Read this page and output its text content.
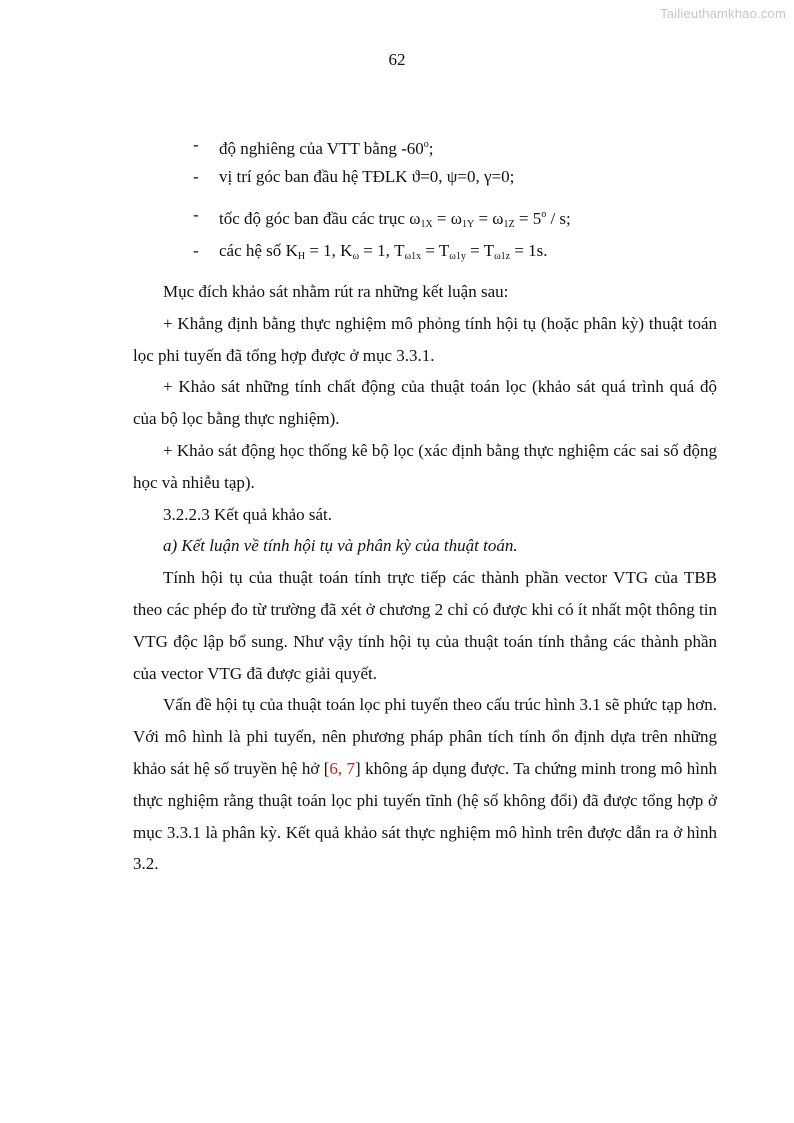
Tailieuthamkhao.com
62
- độ nghiêng của VTT bằng -60$^o$;
- vị trí góc ban đầu hệ TĐLK ϑ=0, ψ=0, γ=0;
- tốc độ góc ban đầu các trục $\omega_{1X} = \omega_{1Y} = \omega_{1Z} = 5^o / s$;
- các hệ số $K_H = 1$, $K_\omega = 1$, $T_{\omega 1x} = T_{\omega 1y} = T_{\omega 1z} = 1s$.

Mục đích khảo sát nhằm rút ra những kết luận sau:

+ Khẳng định bằng thực nghiệm mô phỏng tính hội tụ (hoặc phân kỳ) thuật toán lọc phi tuyến đã tổng hợp được ở mục 3.3.1.

+ Khảo sát những tính chất động của thuật toán lọc (khảo sát quá trình quá độ của bộ lọc bằng thực nghiệm).

+ Khảo sát động học thống kê bộ lọc (xác định bằng thực nghiệm các sai số động học và nhiễu tạp).

3.2.2.3 Kết quả khảo sát.

a) Kết luận về tính hội tụ và phân kỳ của thuật toán.

Tính hội tụ của thuật toán tính trực tiếp các thành phần vector VTG của TBB theo các phép đo từ trường đã xét ở chương 2 chỉ có được khi có ít nhất một thông tin VTG độc lập bổ sung. Như vậy tính hội tụ của thuật toán tính thẳng các thành phần của vector VTG đã được giải quyết.

Vấn đề hội tụ của thuật toán lọc phi tuyến theo cấu trúc hình 3.1 sẽ phức tạp hơn. Với mô hình là phi tuyến, nên phương pháp phân tích tính ổn định dựa trên những khảo sát hệ số truyền hệ hở [6, 7] không áp dụng được. Ta chứng minh trong mô hình thực nghiệm rằng thuật toán lọc phi tuyến tĩnh (hệ số không đổi) đã được tổng hợp ở mục 3.3.1 là phân kỳ. Kết quả khảo sát thực nghiệm mô hình trên được dẫn ra ở hình 3.2.
